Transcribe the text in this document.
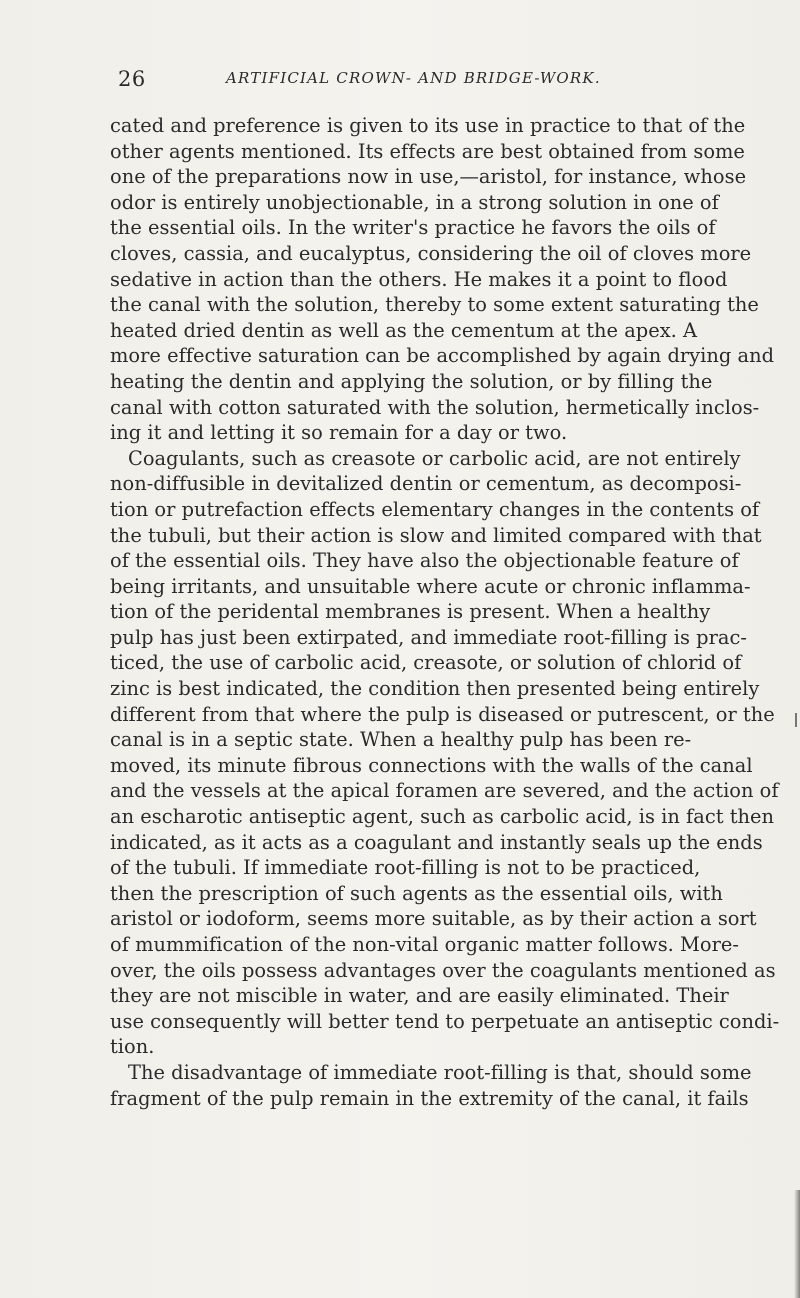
26	ARTIFICIAL CROWN- AND BRIDGE-WORK.
cated and preference is given to its use in practice to that of the
other agents mentioned. Its effects are best obtained from some
one of the preparations now in use,—aristol, for instance, whose
odor is entirely unobjectionable, in a strong solution in one of
the essential oils. In the writer's practice he favors the oils of
cloves, cassia, and eucalyptus, considering the oil of cloves more
sedative in action than the others. He makes it a point to flood
the canal with the solution, thereby to some extent saturating the
heated dried dentin as well as the cementum at the apex. A
more effective saturation can be accomplished by again drying and
heating the dentin and applying the solution, or by filling the
canal with cotton saturated with the solution, hermetically inclos-
ing it and letting it so remain for a day or two.
Coagulants, such as creasote or carbolic acid, are not entirely
non-diffusible in devitalized dentin or cementum, as decomposi-
tion or putrefaction effects elementary changes in the contents of
the tubuli, but their action is slow and limited compared with that
of the essential oils. They have also the objectionable feature of
being irritants, and unsuitable where acute or chronic inflamma-
tion of the peridental membranes is present. When a healthy
pulp has just been extirpated, and immediate root-filling is prac-
ticed, the use of carbolic acid, creasote, or solution of chlorid of
zinc is best indicated, the condition then presented being entirely
different from that where the pulp is diseased or putrescent, or the
canal is in a septic state. When a healthy pulp has been re-
moved, its minute fibrous connections with the walls of the canal
and the vessels at the apical foramen are severed, and the action of
an escharotic antiseptic agent, such as carbolic acid, is in fact then
indicated, as it acts as a coagulant and instantly seals up the ends
of the tubuli. If immediate root-filling is not to be practiced,
then the prescription of such agents as the essential oils, with
aristol or iodoform, seems more suitable, as by their action a sort
of mummification of the non-vital organic matter follows. More-
over, the oils possess advantages over the coagulants mentioned as
they are not miscible in water, and are easily eliminated. Their
use consequently will better tend to perpetuate an antiseptic condi-
tion.
The disadvantage of immediate root-filling is that, should some
fragment of the pulp remain in the extremity of the canal, it fails
